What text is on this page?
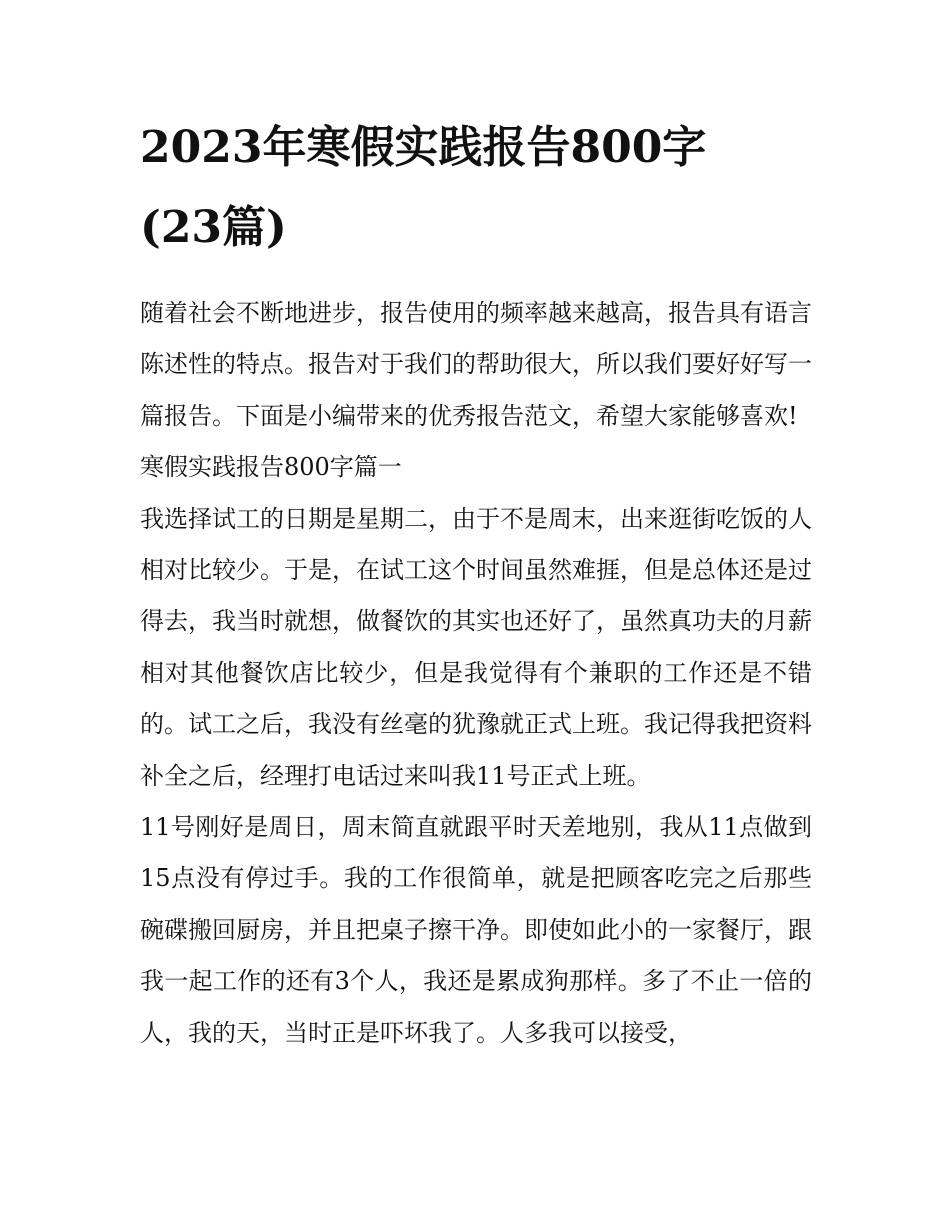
2023年寒假实践报告800字
(23篇)

随着社会不断地进步，报告使用的频率越来越高，报告具有语言陈述性的特点。报告对于我们的帮助很大，所以我们要好好写一篇报告。下面是小编带来的优秀报告范文，希望大家能够喜欢!

寒假实践报告800字篇一

我选择试工的日期是星期二，由于不是周末，出来逛街吃饭的人相对比较少。于是，在试工这个时间虽然难捱，但是总体还是过得去，我当时就想，做餐饮的其实也还好了，虽然真功夫的月薪相对其他餐饮店比较少，但是我觉得有个兼职的工作还是不错的。试工之后，我没有丝毫的犹豫就正式上班。我记得我把资料补全之后，经理打电话过来叫我11号正式上班。

11号刚好是周日，周末简直就跟平时天差地别，我从11点做到15点没有停过手。我的工作很简单，就是把顾客吃完之后那些碗碟搬回厨房，并且把桌子擦干净。即使如此小的一家餐厅，跟我一起工作的还有3个人，我还是累成狗那样。多了不止一倍的人，我的天，当时正是吓坏我了。人多我可以接受，
